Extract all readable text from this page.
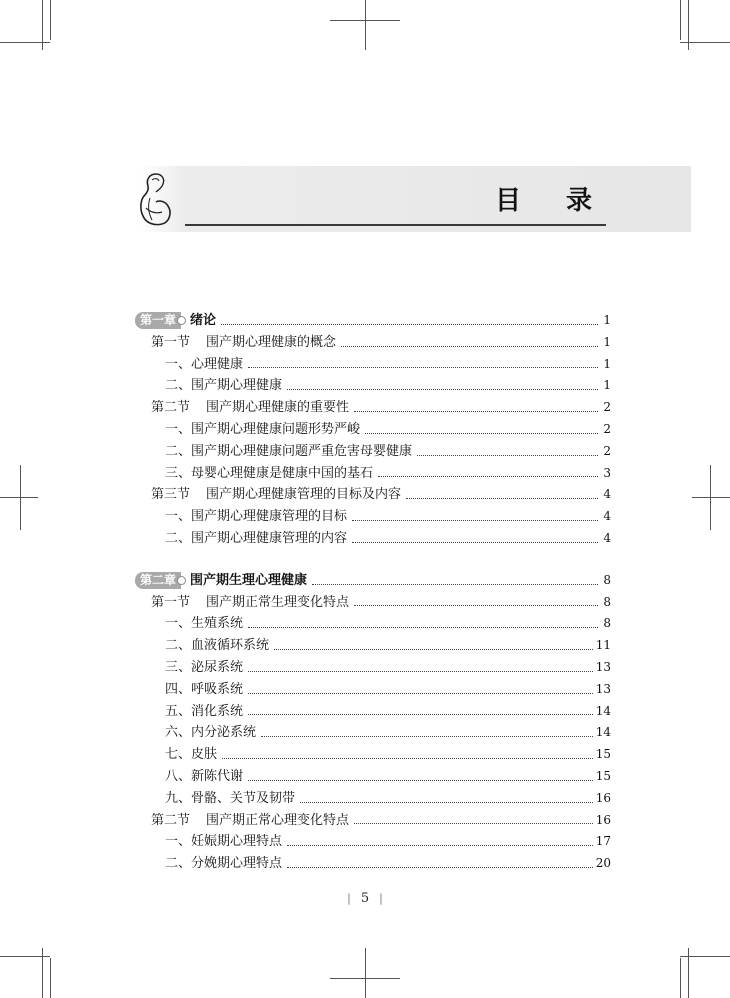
目 录
第一章	绪论	1
第一节 围产期心理健康的概念	1
一、心理健康	1
二、围产期心理健康	1
第二节 围产期心理健康的重要性	2
一、围产期心理健康问题形势严峻	2
二、围产期心理健康问题严重危害母婴健康	2
三、母婴心理健康是健康中国的基石	3
第三节 围产期心理健康管理的目标及内容	4
一、围产期心理健康管理的目标	4
二、围产期心理健康管理的内容	4
第二章	围产期生理心理健康	8
第一节 围产期正常生理变化特点	8
一、生殖系统	8
二、血液循环系统	11
三、泌尿系统	13
四、呼吸系统	13
五、消化系统	14
六、内分泌系统	14
七、皮肤	15
八、新陈代谢	15
九、骨骼、关节及韧带	16
第二节 围产期正常心理变化特点	16
一、妊娠期心理特点	17
二、分娩期心理特点	20
| 5 |
